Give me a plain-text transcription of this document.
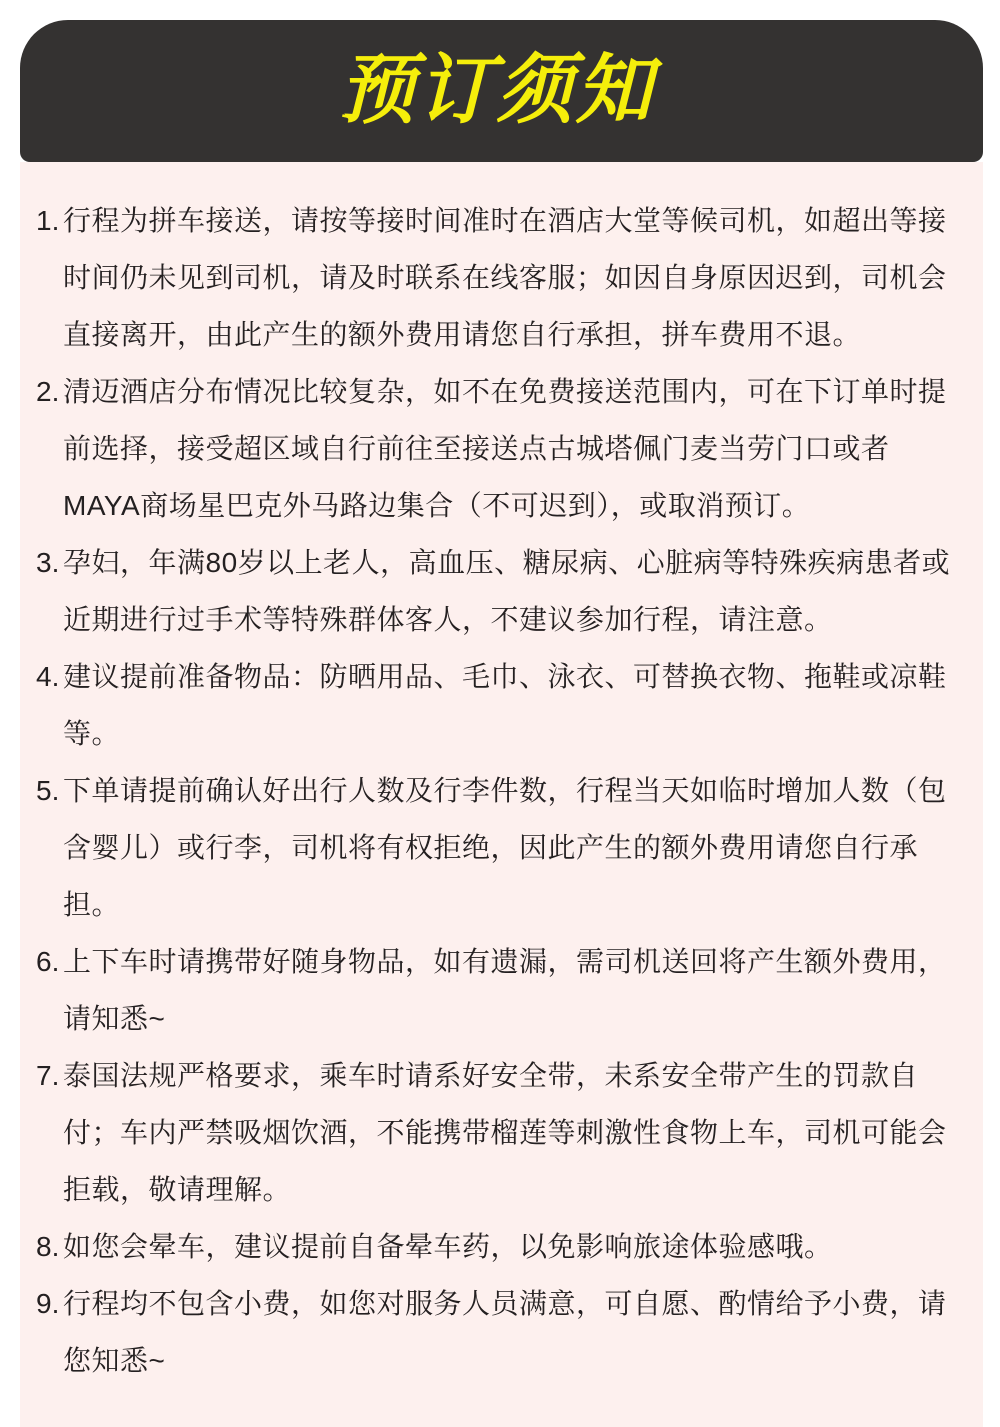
预订须知
1. 行程为拼车接送，请按等接时间准时在酒店大堂等候司机，如超出等接时间仍未见到司机，请及时联系在线客服；如因自身原因迟到，司机会直接离开，由此产生的额外费用请您自行承担，拼车费用不退。

2. 清迈酒店分布情况比较复杂，如不在免费接送范围内，可在下订单时提前选择，接受超区域自行前往至接送点古城塔佩门麦当劳门口或者MAYA商场星巴克外马路边集合（不可迟到），或取消预订。

3. 孕妇，年满80岁以上老人，高血压、糖尿病、心脏病等特殊疾病患者或近期进行过手术等特殊群体客人，不建议参加行程，请注意。

4. 建议提前准备物品：防晒用品、毛巾、泳衣、可替换衣物、拖鞋或凉鞋等。

5. 下单请提前确认好出行人数及行李件数，行程当天如临时增加人数（包含婴儿）或行李，司机将有权拒绝，因此产生的额外费用请您自行承担。

6. 上下车时请携带好随身物品，如有遗漏，需司机送回将产生额外费用，请知悉~

7. 泰国法规严格要求，乘车时请系好安全带，未系安全带产生的罚款自付；车内严禁吸烟饮酒，不能携带榴莲等刺激性食物上车，司机可能会拒载，敬请理解。

8. 如您会晕车，建议提前自备晕车药，以免影响旅途体验感哦。

9. 行程均不包含小费，如您对服务人员满意，可自愿、酌情给予小费，请您知悉~
